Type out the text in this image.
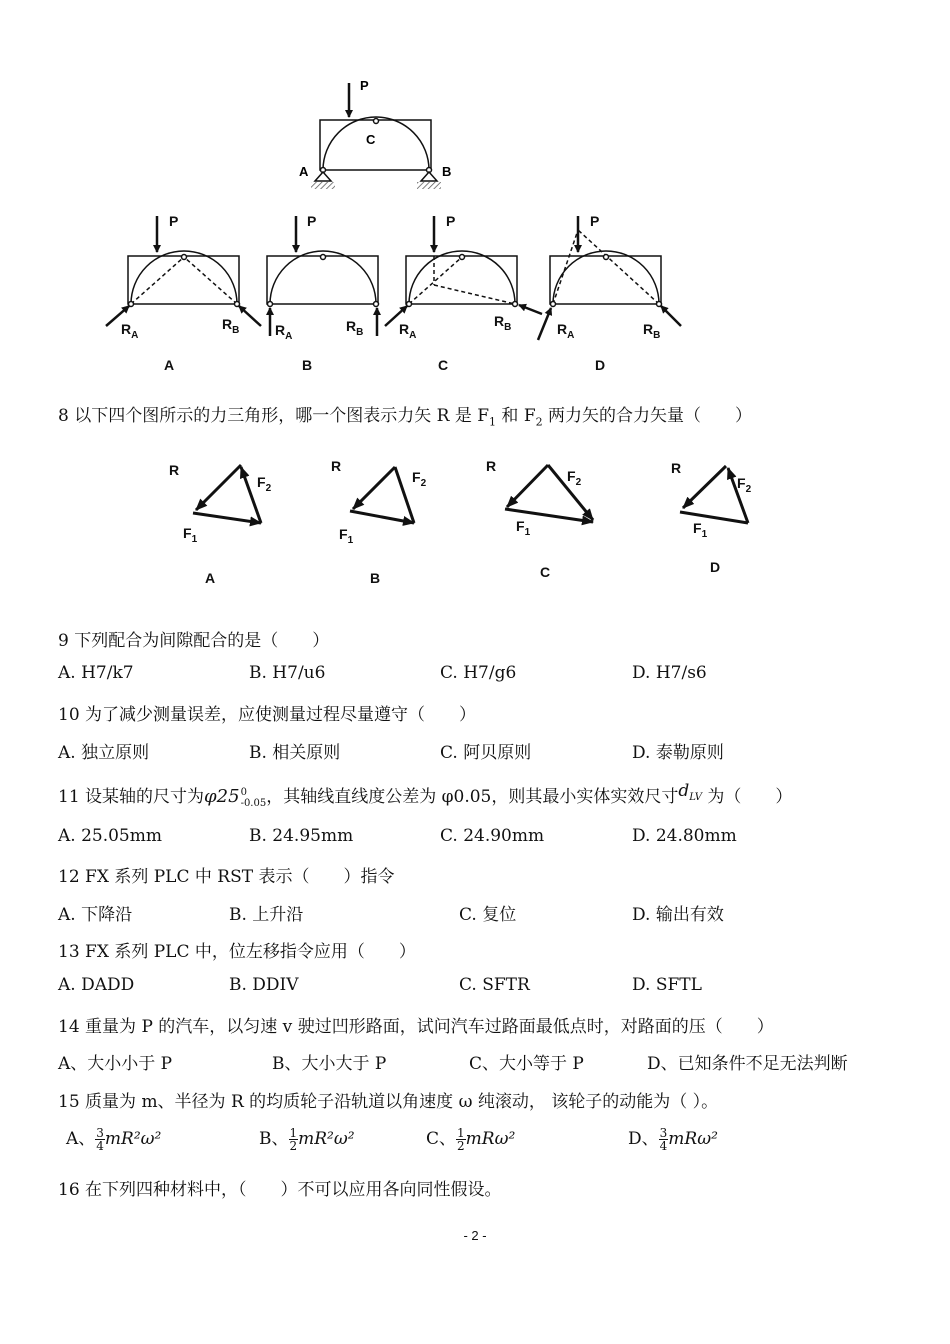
P
C
A	B
P
$R_A$
$R_B$
A
P
$R_A$
$R_B$
B
P
$R_A$
$R_B$
C
P
$R_A$	$R_B$
D
8 以下四个图所示的力三角形，哪一个图表示力矢 R 是 $F_1$ 和 $F_2$ 两力矢的合力矢量（　　）
R
$F_2$
$F_1$
A
R
$F_2$
$F_1$
B
R
$F_2$
$F_1$
C
R
$F_2$
$F_1$
D
9 下列配合为间隙配合的是（　　）
A. H7/k7	B. H7/u6	C. H7/g6	D. H7/s6
10 为了减少测量误差，应使测量过程尽量遵守（　　）
A. 独立原则	B. 相关原则	C. 阿贝原则	D. 泰勒原则
11 设某轴的尺寸为φ25 0
-0.05 ，其轴线直线度公差为 φ0.05，则其最小实体实效尺寸$d_{LV}$ 为（　　）
A. 25.05mm	B. 24.95mm	C. 24.90mm	D. 24.80mm
12 FX 系列 PLC 中 RST 表示（　　）指令
A. 下降沿	B. 上升沿	C. 复位	D. 输出有效
13 FX 系列 PLC 中，位左移指令应用（　　）
A. DADD	B. DDIV	C. SFTR	D. SFTL
14 重量为 P 的汽车，以匀速 v 驶过凹形路面，试问汽车过路面最低点时，对路面的压（　　）
A、大小小于 P	B、大小大于 P	C、大小等于 P	D、已知条件不足无法判断
15 质量为 m、半径为 R 的均质轮子沿轨道以角速度 ω 纯滚动， 该轮子的动能为（ ）。
A、 $\frac{3}{4} mR^2\omega^2$	B、 $\frac{1}{2} mR^2\omega^2$	C、 $\frac{1}{2} mR\omega^2$	D、 $\frac{3}{4} mR\omega^2$
16 在下列四种材料中，（　　）不可以应用各向同性假设。
- 2 -
